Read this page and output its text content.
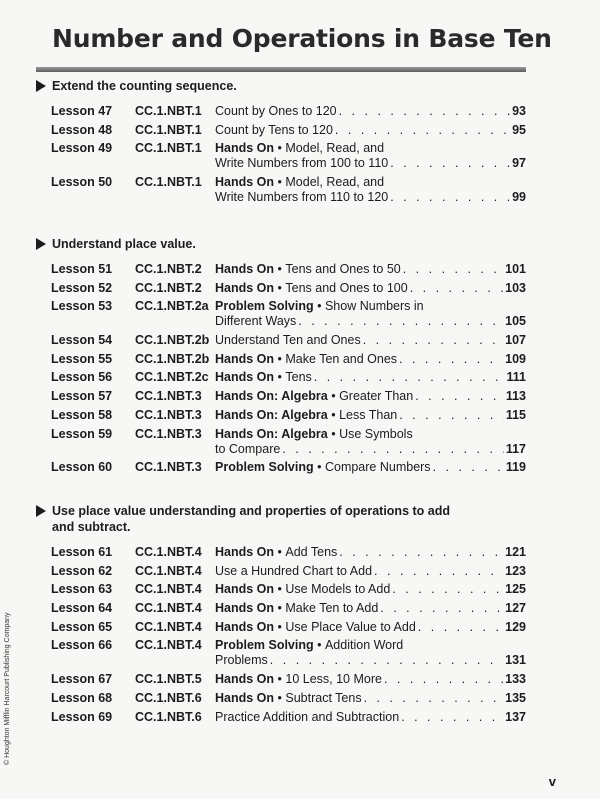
Number and Operations in Base Ten
Extend the counting sequence.
Lesson 47	CC.1.NBT.1	Count by Ones to 120 . . .	93
Lesson 48	CC.1.NBT.1	Count by Tens to 120 . . .	95
Lesson 49	CC.1.NBT.1	Hands On • Model, Read, and
Write Numbers from 100 to 110 . . .	97
Lesson 50	CC.1.NBT.1	Hands On • Model, Read, and
Write Numbers from 110 to 120 . . .	99
Understand place value.
Lesson 51	CC.1.NBT.2	Hands On • Tens and Ones to 50 . . .	101
Lesson 52	CC.1.NBT.2	Hands On • Tens and Ones to 100 . . .	103
Lesson 53	CC.1.NBT.2a Problem Solving • Show Numbers in
Different Ways . . .	105
Lesson 54	CC.1.NBT.2b Understand Ten and Ones . . .	107
Lesson 55	CC.1.NBT.2b Hands On • Make Ten and Ones . . .	109
Lesson 56	CC.1.NBT.2c Hands On • Tens . . .	111
Lesson 57	CC.1.NBT.3	Hands On: Algebra • Greater Than . . .	113
Lesson 58	CC.1.NBT.3	Hands On: Algebra • Less Than . . .	115
Lesson 59	CC.1.NBT.3	Hands On: Algebra • Use Symbols
to Compare . . .	117
Lesson 60	CC.1.NBT.3	Problem Solving • Compare Numbers . . .	119
Use place value understanding and properties of operations to add
and subtract.
Lesson 61	CC.1.NBT.4	Hands On • Add Tens . . .	121
Lesson 62	CC.1.NBT.4	Use a Hundred Chart to Add . . .	123
Lesson 63	CC.1.NBT.4	Hands On • Use Models to Add . . .	125
Lesson 64	CC.1.NBT.4	Hands On • Make Ten to Add . . .	127
Lesson 65	CC.1.NBT.4	Hands On • Use Place Value to Add . . .	129
Lesson 66	CC.1.NBT.4	Problem Solving • Addition Word
Problems . . .	131
Lesson 67	CC.1.NBT.5	Hands On • 10 Less, 10 More . . .	133
Lesson 68	CC.1.NBT.6	Hands On • Subtract Tens . . .	135
Lesson 69	CC.1.NBT.6	Practice Addition and Subtraction . . .	137
© Houghton Mifflin Harcourt Publishing Company
v
